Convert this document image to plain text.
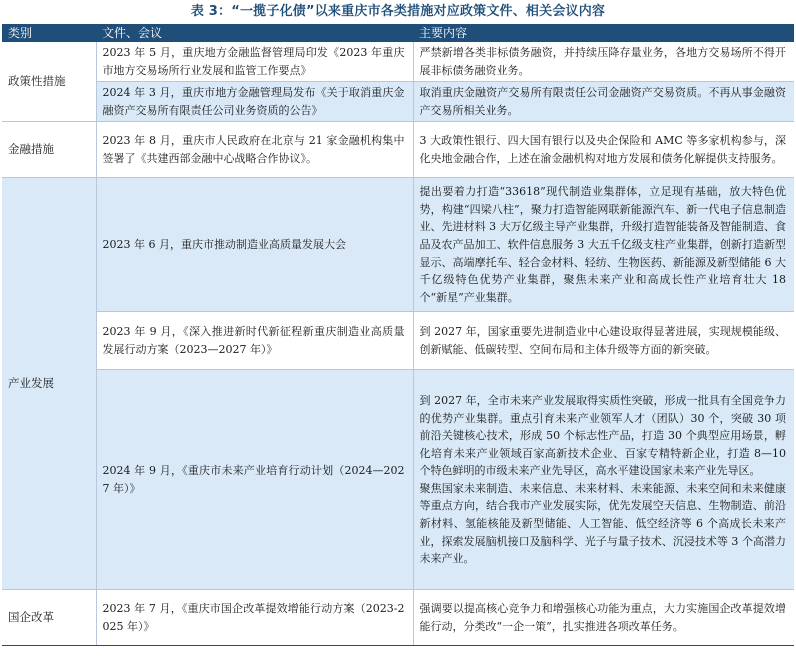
表 3：“一揽子化债”以来重庆市各类措施对应政策文件、相关会议内容
类别	文件、会议	主要内容
政策性措施	2023 年 5 月，重庆地方金融监督管理局印发《2023 年重庆市地方交易场所行业发展和监管工作要点》	严禁新增各类非标债务融资，并持续压降存量业务，各地方交易场所不得开展非标债务融资业务。
	2024 年 3 月，重庆市地方金融管理局发布《关于取消重庆金融资产交易所有限责任公司业务资质的公告》	取消重庆金融资产交易所有限责任公司金融资产交易资质。不再从事金融资产交易所相关业务。
金融措施	2023 年 8 月，重庆市人民政府在北京与 21 家金融机构集中签署了《共建西部金融中心战略合作协议》。	3 大政策性银行、四大国有银行以及央企保险和 AMC 等多家机构参与，深化央地金融合作，上述在渝金融机构对地方发展和债务化解提供支持服务。
产业发展	2023 年 6 月，重庆市推动制造业高质量发展大会	提出要着力打造“33618”现代制造业集群体，立足现有基础，放大特色优势，构建“四梁八柱”，聚力打造智能网联新能源汽车、新一代电子信息制造业、先进材料 3 大万亿级主导产业集群，升级打造智能装备及智能制造、食品及农产品加工、软件信息服务 3 大五千亿级支柱产业集群，创新打造新型显示、高端摩托车、轻合金材料、轻纺、生物医药、新能源及新型储能 6 大千亿级特色优势产业集群，聚焦未来产业和高成长性产业培育壮大 18 个“新星”产业集群。
	2023 年 9 月，《深入推进新时代新征程新重庆制造业高质量发展行动方案（2023—2027 年）》	到 2027 年，国家重要先进制造业中心建设取得显著进展，实现规模能级、创新赋能、低碳转型、空间布局和主体升级等方面的新突破。
	2024 年 9 月，《重庆市未来产业培育行动计划（2024—2027 年）》	到 2027 年，全市未来产业发展取得实质性突破，形成一批具有全国竞争力的优势产业集群。重点引育未来产业领军人才（团队）30 个，突破 30 项前沿关键核心技术，形成 50 个标志性产品，打造 30 个典型应用场景，孵化培育未来产业领域百家高新技术企业、百家专精特新企业，打造 8—10 个特色鲜明的市级未来产业先导区，高水平建设国家未来产业先导区。

聚焦国家未来制造、未来信息、未来材料、未来能源、未来空间和未来健康等重点方向，结合我市产业发展实际，优先发展空天信息、生物制造、前沿新材料、氢能核能及新型储能、人工智能、低空经济等 6 个高成长未来产业，探索发展脑机接口及脑科学、光子与量子技术、沉浸技术等 3 个高潜力未来产业。

国企改革	2023 年 7 月，《重庆市国企改革提效增能行动方案（2023-2025 年）》	强调要以提高核心竞争力和增强核心功能为重点，大力实施国企改革提效增能行动，分类改“一企一策”，扎实推进各项改革任务。
